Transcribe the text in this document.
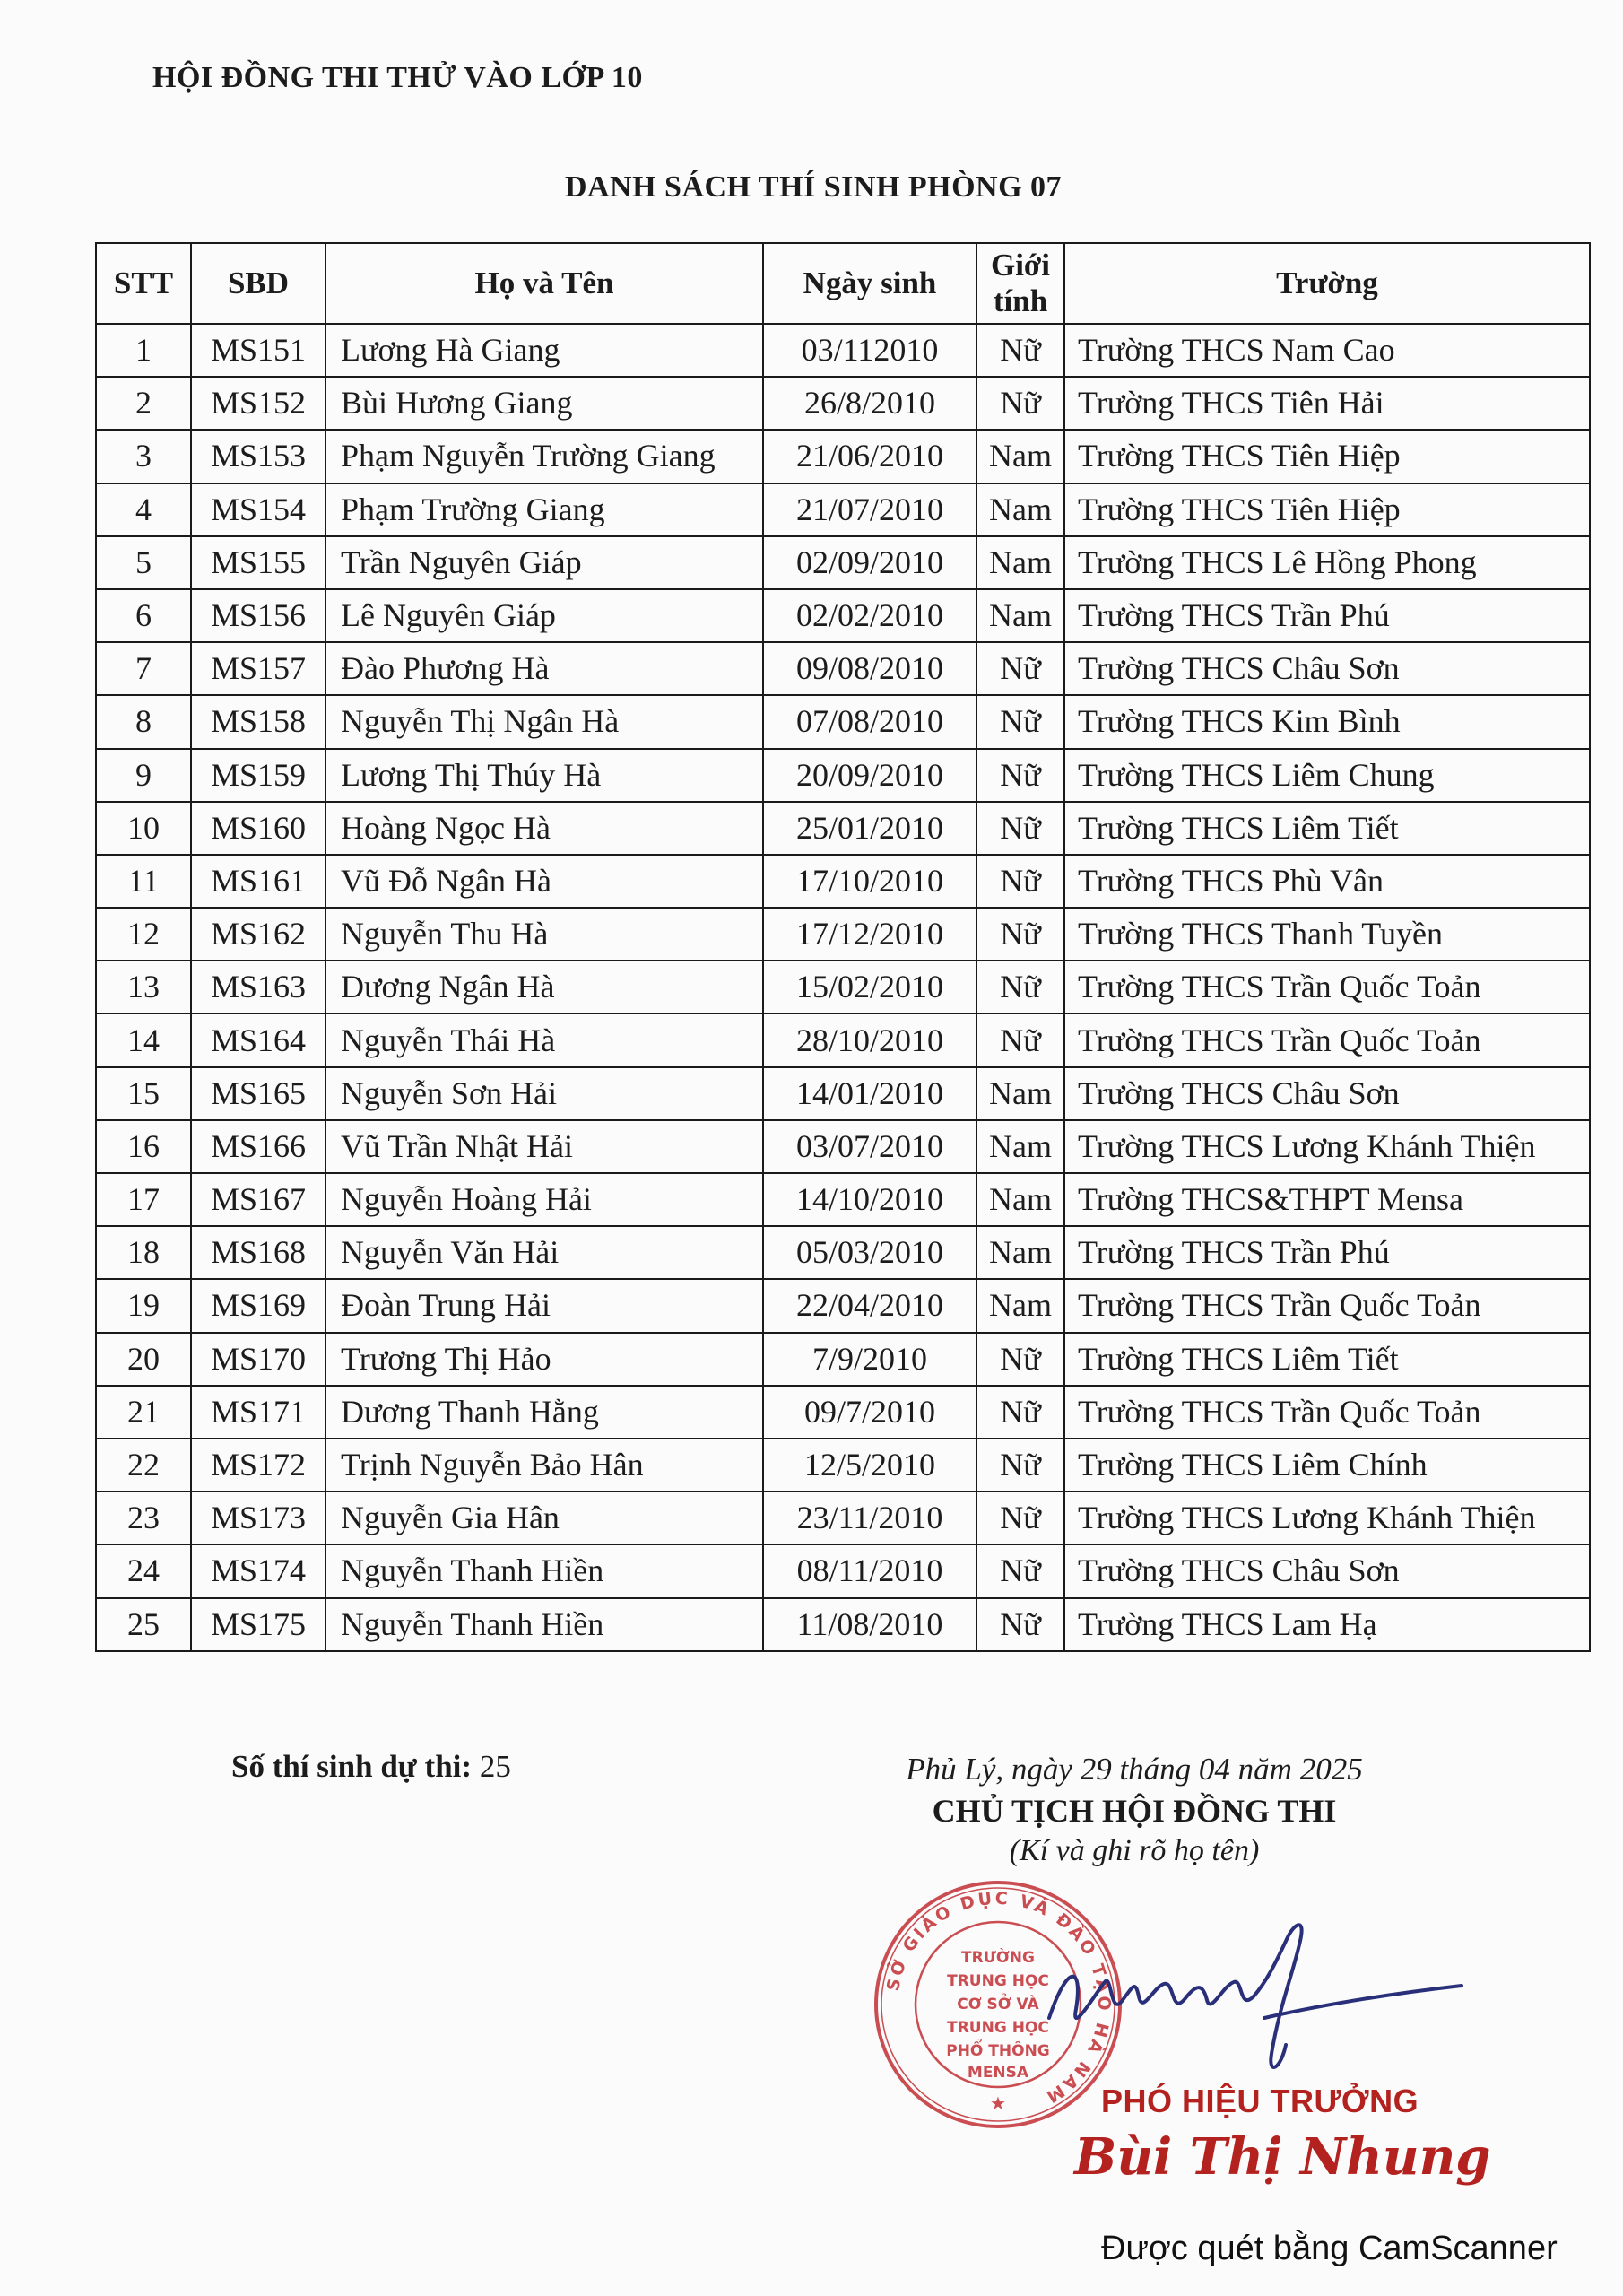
HỘI ĐỒNG THI THỬ VÀO LỚP 10
DANH SÁCH THÍ SINH PHÒNG 07
STT	SBD	Họ và Tên	Ngày sinh	Giới
tính	Trường
1	MS151	Lương Hà Giang	03/112010	Nữ	Trường THCS Nam Cao
2	MS152	Bùi Hương Giang	26/8/2010	Nữ	Trường THCS Tiên Hải
3	MS153	Phạm Nguyễn Trường Giang	21/06/2010	Nam	Trường THCS Tiên Hiệp
4	MS154	Phạm Trường Giang	21/07/2010	Nam	Trường THCS Tiên Hiệp
5	MS155	Trần Nguyên Giáp	02/09/2010	Nam	Trường THCS Lê Hồng Phong
6	MS156	Lê Nguyên Giáp	02/02/2010	Nam	Trường THCS Trần Phú
7	MS157	Đào Phương Hà	09/08/2010	Nữ	Trường THCS Châu Sơn
8	MS158	Nguyễn Thị Ngân Hà	07/08/2010	Nữ	Trường THCS Kim Bình
9	MS159	Lương Thị Thúy Hà	20/09/2010	Nữ	Trường THCS Liêm Chung
10	MS160	Hoàng Ngọc Hà	25/01/2010	Nữ	Trường THCS Liêm Tiết
11	MS161	Vũ Đỗ Ngân Hà	17/10/2010	Nữ	Trường THCS Phù Vân
12	MS162	Nguyễn Thu Hà	17/12/2010	Nữ	Trường THCS Thanh Tuyền
13	MS163	Dương Ngân Hà	15/02/2010	Nữ	Trường THCS Trần Quốc Toản
14	MS164	Nguyễn Thái Hà	28/10/2010	Nữ	Trường THCS Trần Quốc Toản
15	MS165	Nguyễn Sơn Hải	14/01/2010	Nam	Trường THCS Châu Sơn
16	MS166	Vũ Trần Nhật Hải	03/07/2010	Nam	Trường THCS Lương Khánh Thiện
17	MS167	Nguyễn Hoàng Hải	14/10/2010	Nam	Trường THCS&THPT Mensa
18	MS168	Nguyễn Văn Hải	05/03/2010	Nam	Trường THCS Trần Phú
19	MS169	Đoàn Trung Hải	22/04/2010	Nam	Trường THCS Trần Quốc Toản
20	MS170	Trương Thị Hảo	7/9/2010	Nữ	Trường THCS Liêm Tiết
21	MS171	Dương Thanh Hằng	09/7/2010	Nữ	Trường THCS Trần Quốc Toản
22	MS172	Trịnh Nguyễn Bảo Hân	12/5/2010	Nữ	Trường THCS Liêm Chính
23	MS173	Nguyễn Gia Hân	23/11/2010	Nữ	Trường THCS Lương Khánh Thiện
24	MS174	Nguyễn Thanh Hiền	08/11/2010	Nữ	Trường THCS Châu Sơn
25	MS175	Nguyễn Thanh Hiền	11/08/2010	Nữ	Trường THCS Lam Hạ
Số thí sinh dự thi: 25	Phủ Lý, ngày 29 tháng 04 năm 2025
CHỦ TỊCH HỘI ĐỒNG THI
(Kí và ghi rõ họ tên)
SỞ GIÁO DỤC VÀ ĐÀO TẠO HÀ NAM
TRƯỜNG
TRUNG HỌC
CƠ SỞ VÀ
TRUNG HỌC
PHỔ THÔNG
MENSA
★	PHÓ HIỆU TRƯỞNG
Bùi Thị Nhung
Được quét bằng CamScanner
